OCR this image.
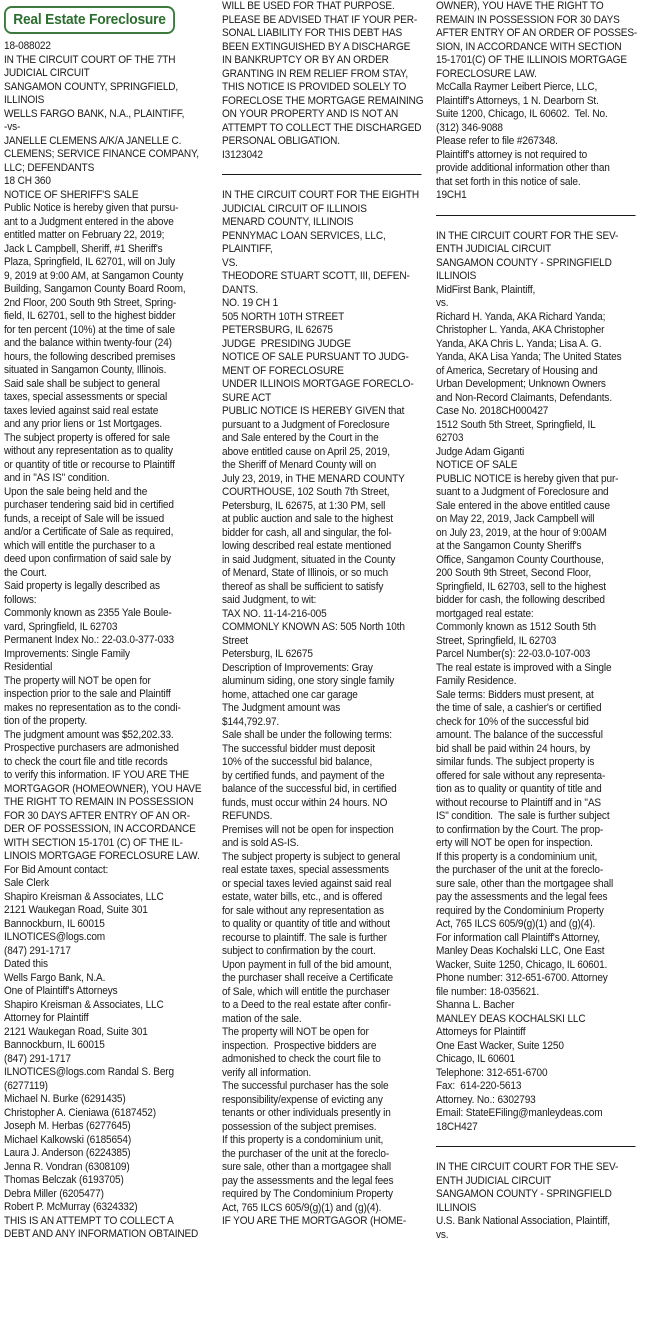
Real Estate Foreclosure
18-088022
IN THE CIRCUIT COURT OF THE 7TH
JUDICIAL CIRCUIT
SANGAMON COUNTY, SPRINGFIELD,
ILLINOIS
WELLS FARGO BANK, N.A., PLAINTIFF,
-vs-
JANELLE CLEMENS A/K/A JANELLE C.
CLEMENS; SERVICE FINANCE COMPANY,
LLC; DEFENDANTS
18 CH 360
NOTICE OF SHERIFF'S SALE
Public Notice is hereby given that pursu-
ant to a Judgment entered in the above
entitled matter on February 22, 2019;
Jack L Campbell, Sheriff, #1 Sheriff's
Plaza, Springfield, IL 62701, will on July
9, 2019 at 9:00 AM, at Sangamon County
Building, Sangamon County Board Room,
2nd Floor, 200 South 9th Street, Spring-
field, IL 62701, sell to the highest bidder
for ten percent (10%) at the time of sale
and the balance within twenty-four (24)
hours, the following described premises
situated in Sangamon County, Illinois.
Said sale shall be subject to general
taxes, special assessments or special
taxes levied against said real estate
and any prior liens or 1st Mortgages.
The subject property is offered for sale
without any representation as to quality
or quantity of title or recourse to Plaintiff
and in "AS IS" condition.
Upon the sale being held and the
purchaser tendering said bid in certified
funds, a receipt of Sale will be issued
and/or a Certificate of Sale as required,
which will entitle the purchaser to a
deed upon confirmation of said sale by
the Court.
Said property is legally described as
follows:
Commonly known as 2355 Yale Boule-
vard, Springfield, IL 62703
Permanent Index No.: 22-03.0-377-033
Improvements: Single Family
Residential
The property will NOT be open for
inspection prior to the sale and Plaintiff
makes no representation as to the condi-
tion of the property.
The judgment amount was $52,202.33.
Prospective purchasers are admonished
to check the court file and title records
to verify this information. IF YOU ARE THE
MORTGAGOR (HOMEOWNER), YOU HAVE
THE RIGHT TO REMAIN IN POSSESSION
FOR 30 DAYS AFTER ENTRY OF AN OR-
DER OF POSSESSION, IN ACCORDANCE
WITH SECTION 15-1701 (C) OF THE IL-
LINOIS MORTGAGE FORECLOSURE LAW.
For Bid Amount contact:
Sale Clerk
Shapiro Kreisman & Associates, LLC
2121 Waukegan Road, Suite 301
Bannockburn, IL 60015
ILNOTICES@logs.com
(847) 291-1717
Dated this
Wells Fargo Bank, N.A.
One of Plaintiff's Attorneys
Shapiro Kreisman & Associates, LLC
Attorney for Plaintiff
2121 Waukegan Road, Suite 301
Bannockburn, IL 60015
(847) 291-1717
ILNOTICES@logs.com Randal S. Berg
(6277119)
Michael N. Burke (6291435)
Christopher A. Cieniawa (6187452)
Joseph M. Herbas (6277645)
Michael Kalkowski (6185654)
Laura J. Anderson (6224385)
Jenna R. Vondran (6308109)
Thomas Belczak (6193705)
Debra Miller (6205477)
Robert P. McMurray (6324332)
THIS IS AN ATTEMPT TO COLLECT A
DEBT AND ANY INFORMATION OBTAINED
WILL BE USED FOR THAT PURPOSE.
PLEASE BE ADVISED THAT IF YOUR PER-
SONAL LIABILITY FOR THIS DEBT HAS
BEEN EXTINGUISHED BY A DISCHARGE
IN BANKRUPTCY OR BY AN ORDER
GRANTING IN REM RELIEF FROM STAY,
THIS NOTICE IS PROVIDED SOLELY TO
FORECLOSE THE MORTGAGE REMAINING
ON YOUR PROPERTY AND IS NOT AN
ATTEMPT TO COLLECT THE DISCHARGED
PERSONAL OBLIGATION.
I3123042
IN THE CIRCUIT COURT FOR THE EIGHTH
JUDICIAL CIRCUIT OF ILLINOIS
MENARD COUNTY, ILLINOIS
PENNYMAC LOAN SERVICES, LLC,
PLAINTIFF,
VS.
THEODORE STUART SCOTT, III, DEFEN-
DANTS.
NO. 19 CH 1
505 NORTH 10TH STREET
PETERSBURG, IL 62675
JUDGE  PRESIDING JUDGE
NOTICE OF SALE PURSUANT TO JUDG-
MENT OF FORECLOSURE
UNDER ILLINOIS MORTGAGE FORECLO-
SURE ACT
PUBLIC NOTICE IS HEREBY GIVEN that
pursuant to a Judgment of Foreclosure
and Sale entered by the Court in the
above entitled cause on April 25, 2019,
the Sheriff of Menard County will on
July 23, 2019, in THE MENARD COUNTY
COURTHOUSE, 102 South 7th Street,
Petersburg, IL 62675, at 1:30 PM, sell
at public auction and sale to the highest
bidder for cash, all and singular, the fol-
lowing described real estate mentioned
in said Judgment, situated in the County
of Menard, State of Illinois, or so much
thereof as shall be sufficient to satisfy
said Judgment, to wit:
TAX NO. 11-14-216-005
COMMONLY KNOWN AS: 505 North 10th
Street
Petersburg, IL 62675
Description of Improvements: Gray
aluminum siding, one story single family
home, attached one car garage
The Judgment amount was
$144,792.97.
Sale shall be under the following terms:
The successful bidder must deposit
10% of the successful bid balance,
by certified funds, and payment of the
balance of the successful bid, in certified
funds, must occur within 24 hours. NO
REFUNDS.
Premises will not be open for inspection
and is sold AS-IS.
The subject property is subject to general
real estate taxes, special assessments
or special taxes levied against said real
estate, water bills, etc., and is offered
for sale without any representation as
to quality or quantity of title and without
recourse to plaintiff. The sale is further
subject to confirmation by the court.
Upon payment in full of the bid amount,
the purchaser shall receive a Certificate
of Sale, which will entitle the purchaser
to a Deed to the real estate after confir-
mation of the sale.
The property will NOT be open for
inspection.  Prospective bidders are
admonished to check the court file to
verify all information.
The successful purchaser has the sole
responsibility/expense of evicting any
tenants or other individuals presently in
possession of the subject premises.
If this property is a condominium unit,
the purchaser of the unit at the foreclo-
sure sale, other than a mortgagee shall
pay the assessments and the legal fees
required by The Condominium Property
Act, 765 ILCS 605/9(g)(1) and (g)(4).
IF YOU ARE THE MORTGAGOR (HOME-
OWNER), YOU HAVE THE RIGHT TO
REMAIN IN POSSESSION FOR 30 DAYS
AFTER ENTRY OF AN ORDER OF POSSES-
SION, IN ACCORDANCE WITH SECTION
15-1701(C) OF THE ILLINOIS MORTGAGE
FORECLOSURE LAW.
McCalla Raymer Leibert Pierce, LLC,
Plaintiff's Attorneys, 1 N. Dearborn St.
Suite 1200, Chicago, IL 60602.  Tel. No.
(312) 346-9088
Please refer to file #267348.
Plaintiff's attorney is not required to
provide additional information other than
that set forth in this notice of sale.
19CH1
IN THE CIRCUIT COURT FOR THE SEV-
ENTH JUDICIAL CIRCUIT
SANGAMON COUNTY - SPRINGFIELD
ILLINOIS
MidFirst Bank, Plaintiff,
vs.
Richard H. Yanda, AKA Richard Yanda;
Christopher L. Yanda, AKA Christopher
Yanda, AKA Chris L. Yanda; Lisa A. G.
Yanda, AKA Lisa Yanda; The United States
of America, Secretary of Housing and
Urban Development; Unknown Owners
and Non-Record Claimants, Defendants.
Case No. 2018CH000427
1512 South 5th Street, Springfield, IL
62703
Judge Adam Giganti
NOTICE OF SALE
PUBLIC NOTICE is hereby given that pur-
suant to a Judgment of Foreclosure and
Sale entered in the above entitled cause
on May 22, 2019, Jack Campbell will
on July 23, 2019, at the hour of 9:00AM
at the Sangamon County Sheriff's
Office, Sangamon County Courthouse,
200 South 9th Street, Second Floor,
Springfield, IL 62703, sell to the highest
bidder for cash, the following described
mortgaged real estate:
Commonly known as 1512 South 5th
Street, Springfield, IL 62703
Parcel Number(s): 22-03.0-107-003
The real estate is improved with a Single
Family Residence.
Sale terms: Bidders must present, at
the time of sale, a cashier's or certified
check for 10% of the successful bid
amount. The balance of the successful
bid shall be paid within 24 hours, by
similar funds. The subject property is
offered for sale without any representa-
tion as to quality or quantity of title and
without recourse to Plaintiff and in "AS
IS" condition.  The sale is further subject
to confirmation by the Court. The prop-
erty will NOT be open for inspection.
If this property is a condominium unit,
the purchaser of the unit at the foreclo-
sure sale, other than the mortgagee shall
pay the assessments and the legal fees
required by the Condominium Property
Act, 765 ILCS 605/9(g)(1) and (g)(4).
For information call Plaintiff's Attorney,
Manley Deas Kochalski LLC, One East
Wacker, Suite 1250, Chicago, IL 60601.
Phone number: 312-651-6700. Attorney
file number: 18-035621.
Shanna L. Bacher
MANLEY DEAS KOCHALSKI LLC
Attorneys for Plaintiff
One East Wacker, Suite 1250
Chicago, IL 60601
Telephone: 312-651-6700
Fax:  614-220-5613
Attorney. No.: 6302793
Email: StateEFiling@manleydeas.com
18CH427
IN THE CIRCUIT COURT FOR THE SEV-
ENTH JUDICIAL CIRCUIT
SANGAMON COUNTY - SPRINGFIELD
ILLINOIS
U.S. Bank National Association, Plaintiff,
vs.
